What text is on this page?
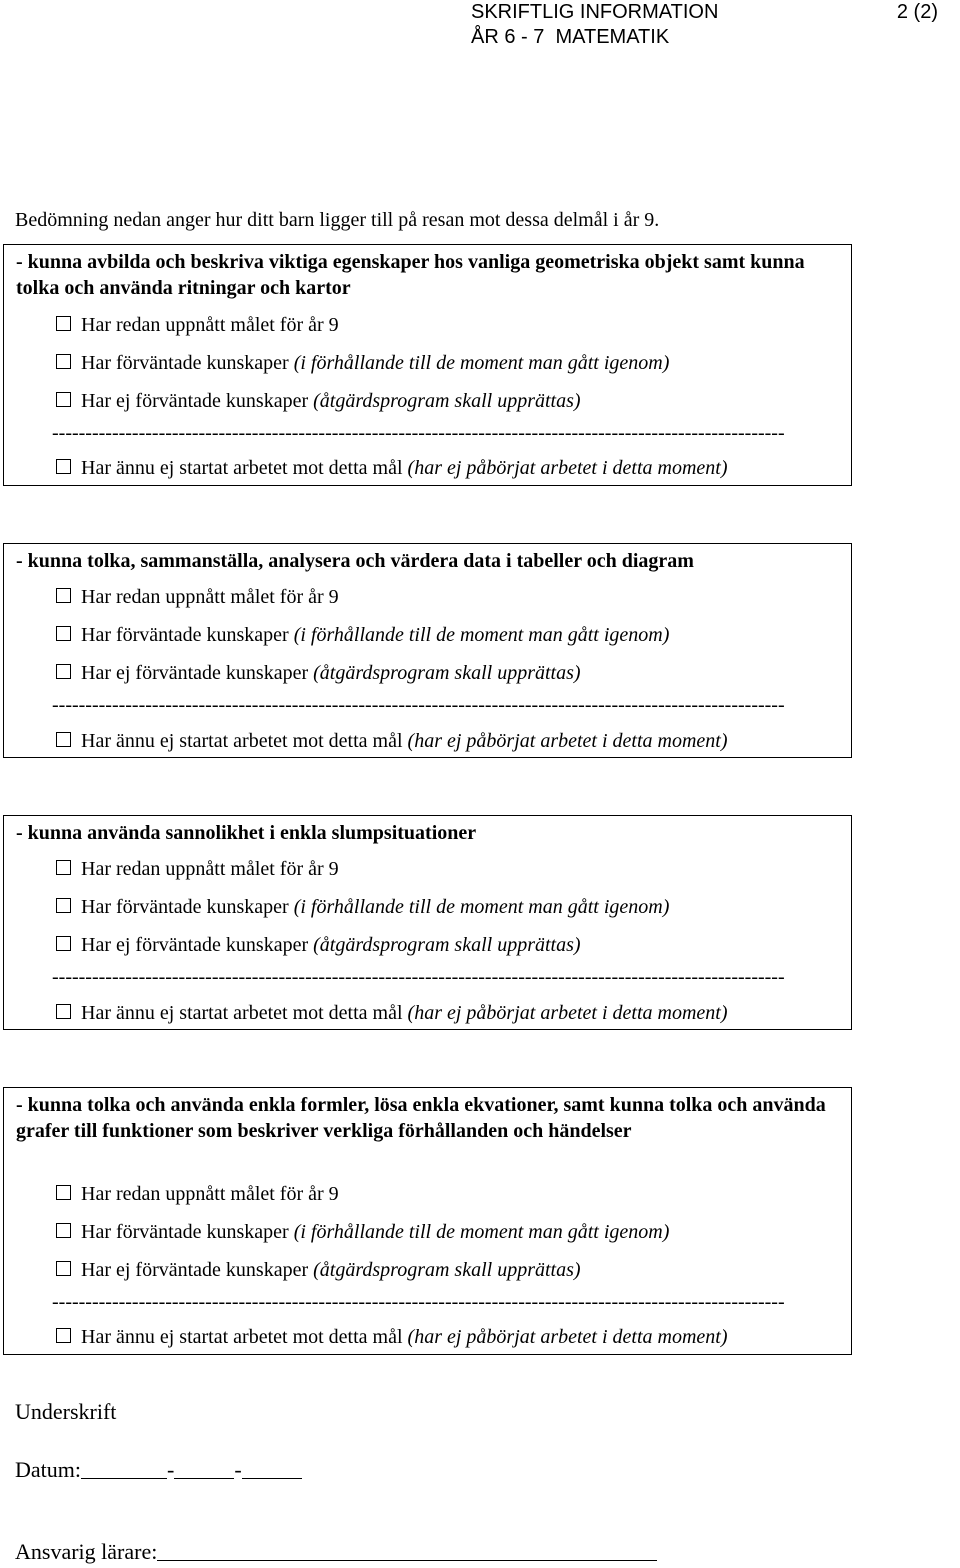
SKRIFTLIG INFORMATION
ÅR 6 - 7  MATEMATIK
2 (2)
Bedömning nedan anger hur ditt barn ligger till på resan mot dessa delmål i år 9.
- kunna avbilda och beskriva viktiga egenskaper hos vanliga geometriska objekt samt kunna tolka och använda ritningar och kartor
Har redan uppnått målet för år 9
Har förväntade kunskaper (i förhållande till de moment man gått igenom)
Har ej förväntade kunskaper (åtgärdsprogram skall upprättas)
--------------------------------------------------------------------------------------------------------------
Har ännu ej startat arbetet mot detta mål (har ej påbörjat arbetet i detta moment)
- kunna tolka, sammanställa, analysera och värdera data i tabeller och diagram
Har redan uppnått målet för år 9
Har förväntade kunskaper (i förhållande till de moment man gått igenom)
Har ej förväntade kunskaper (åtgärdsprogram skall upprättas)
--------------------------------------------------------------------------------------------------------------
Har ännu ej startat arbetet mot detta mål (har ej påbörjat arbetet i detta moment)
- kunna använda sannolikhet i enkla slumpsituationer
Har redan uppnått målet för år 9
Har förväntade kunskaper (i förhållande till de moment man gått igenom)
Har ej förväntade kunskaper (åtgärdsprogram skall upprättas)
--------------------------------------------------------------------------------------------------------------
Har ännu ej startat arbetet mot detta mål (har ej påbörjat arbetet i detta moment)
- kunna tolka och använda enkla formler, lösa enkla ekvationer, samt kunna tolka och använda grafer till funktioner som beskriver verkliga förhållanden och händelser
Har redan uppnått målet för år 9
Har förväntade kunskaper (i förhållande till de moment man gått igenom)
Har ej förväntade kunskaper (åtgärdsprogram skall upprättas)
--------------------------------------------------------------------------------------------------------------
Har ännu ej startat arbetet mot detta mål (har ej påbörjat arbetet i detta moment)
Underskrift
Datum:	-	-
Ansvarig lärare:
